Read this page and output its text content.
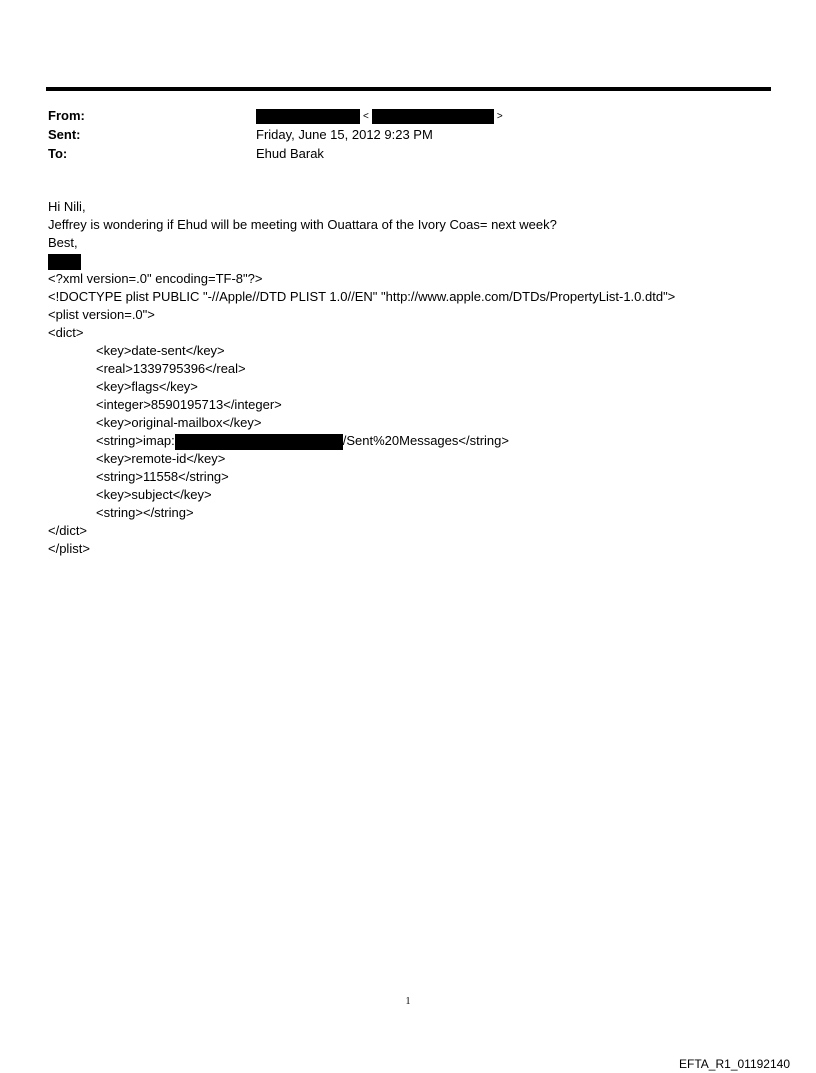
From:	<	>
Sent:	Friday, June 15, 2012 9:23 PM
To:	Ehud Barak
Hi Nili,
Jeffrey is wondering if Ehud will be meeting with Ouattara of the Ivory Coas= next week?
Best,
<?xml version=.0" encoding=TF-8"?>
<!DOCTYPE plist PUBLIC "-//Apple//DTD PLIST 1.0//EN" "http://www.apple.com/DTDs/PropertyList-1.0.dtd">
<plist version=.0">
<dict>
<key>date-sent</key>
<real>1339795396</real>
<key>flags</key>
<integer>8590195713</integer>
<key>original-mailbox</key>
<string>imap:	/Sent%20Messages</string>
<key>remote-id</key>
<string>11558</string>
<key>subject</key>
<string></string>
</dict>
</plist>
1
EFTA_R1_01192140
